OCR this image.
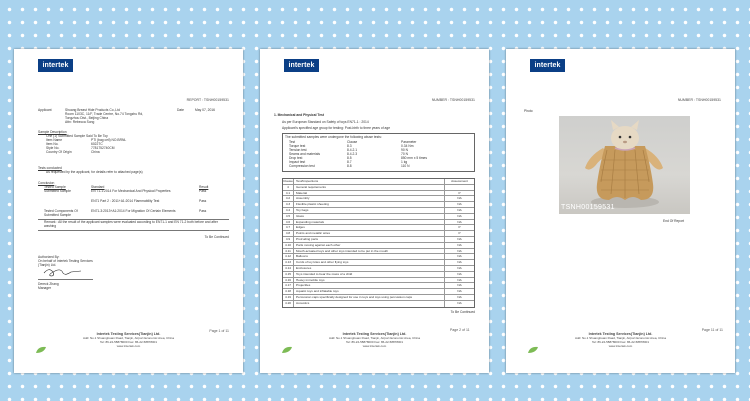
intertek
REPORT : TSNH00159531
Applicant	Shuang Breast Hide Products Co.,Ltd
Room 1103C, 11/F, Trade Centre, No.74 Tongzhu Rd,
Tongzhou Dist., Beijing China
Attn: Rebecca Song
Date	May 07, 2016
Sample Description
One (1) Submitted Sample Said To Be Toy
Item Name	PTI (bag cell) NO.BRNL
Item No.	6022TC
Style No.	7781752740CM
Country Of Origin	China
Tests conducted
As requested by the applicant, for details refer to attached page(s)
Conclusion
Tested Sample	Standard	Result
Submitted Sample	EN 71-1:2014 For Mechanical And Physical Properties	Pass
EN71 Part 2 : 2011+A1:2014 Flammability Test	Pass
Tested Components Of Submitted Sample
EN71-3:2013+A1:2014 For Migration Of Certain Elements	Pass
Remark : All the result of the applicant samples were evaluated according to EN71-1 and EN 71-2 both before and after washing
To Be Continued
Authorized By:
On behalf of Intertek Testing Services
(Tianjin) Ltd.
Dereck Zhang
Manager
Intertek Testing Services(Tianjin) Ltd.
Add: No.1 ShuangGuan Road, Tianjin, Airport Economic Area, China
Tel: 86-22-58878000 Fax: 86-22-58878001
www.intertek.com
Page 1 of 11
intertek
NUMBER : TSNH00159531
1. Mechanical and Physical Test
As per European Standard on Safety of toys EN71-1 : 2014
Applicant's specified age group for testing: Post-birth to three years of age
The submitted samples were undergone the following abuse tests:
Test	Clause	Parameter
Torque test	8.3	0.34 Nm
Tension test	8.4.2.1	90 N
Seams and materials	8.4.2.3	70 N
Drop test	8.5	850 mm x 5 times
Impact test	8.7	1 kg
Compression test	8.8	110 N
Clause	Test/Inspections	Assessment
4	General requirements
4.1	Material	P
4.2	Assembly	NA
4.3	Flexible plastic sheeting	NA
4.4	Toy bags	NA
4.5	Glass	NA
4.6	Expanding materials	NA
4.7	Edges	P
4.8	Points and metallic wires	P
4.9	Protruding parts	NA
4.10	Parts moving against each other	NA
4.11	Mouth-actuated toys and other toys intended to be put in the mouth	NA
4.12	Balloons	NA
4.13	Cords of toy kites and other flying toys	NA
4.14	Enclosures	NA
4.15	Toys intended to bear the mass of a child	NA
4.16	Heavy immobile toys	NA
4.17	Projectiles	NA
4.18	Aquatic toys and inflatable toys	NA
4.19	Percussion caps specifically designed for use in toys and toys using percussion caps	NA
4.20	Acoustics	NA
To Be Continued
Intertek Testing Services(Tianjin) Ltd.
Add: No.1 ShuangGuan Road, Tianjin, Airport Economic Area, China
Tel: 86-22-58878000 Fax: 86-22-58878001
www.intertek.com
Page 2 of 11
intertek
NUMBER : TSNH00159531
Photo
TSNH00159531
End Of Report
Intertek Testing Services(Tianjin) Ltd.
Add: No.1 ShuangGuan Road, Tianjin, Airport Economic Area, China
Tel: 86-22-58878000 Fax: 86-22-58878001
www.intertek.com
Page 11 of 11
